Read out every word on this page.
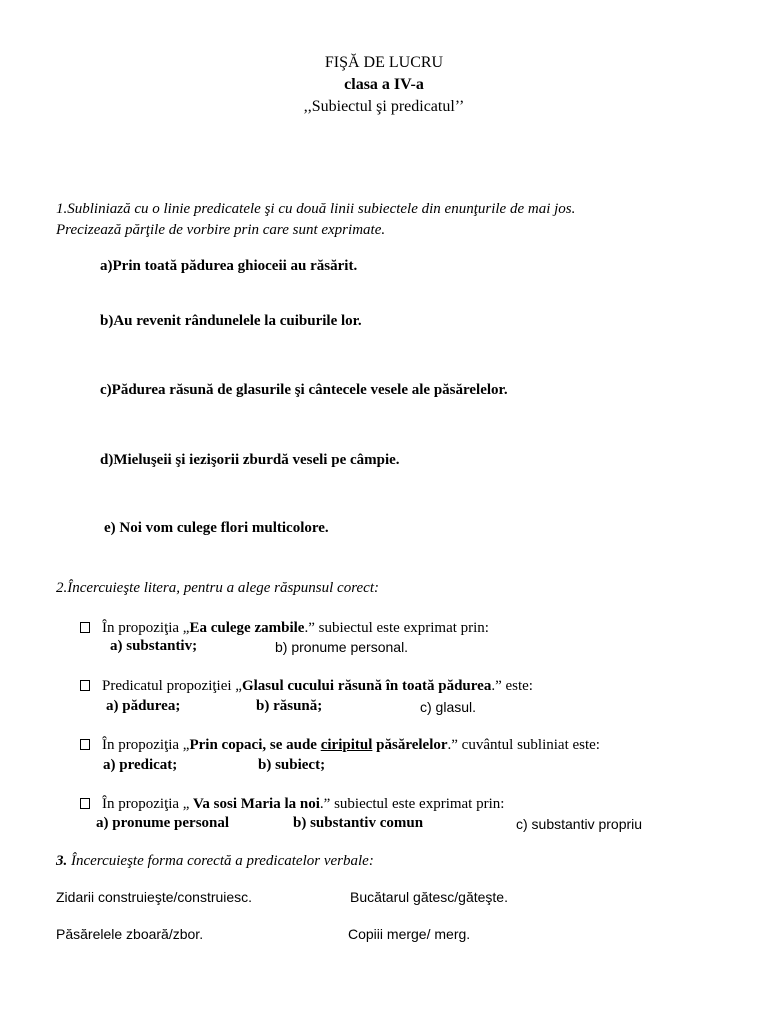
FIŞĂ DE LUCRU
clasa a IV-a
,,Subiectul şi predicatul’’
1.Subliniază cu o linie predicatele şi cu două linii subiectele din enunţurile de mai jos.
Precizează părţile de vorbire prin care sunt exprimate.
a)Prin toată pădurea ghioceii au răsărit.
b)Au revenit rândunelele la cuiburile lor.
c)Pădurea răsună de glasurile şi cântecele vesele ale păsărelelor.
d)Mieluşeii şi iezişorii zburdă veseli pe câmpie.
e) Noi vom culege flori multicolore.
2.Încercuieşte litera, pentru a alege răspunsul corect:
În propoziţia „Ea culege zambile.” subiectul este exprimat prin:
a) substantiv;	b) pronume personal.
Predicatul propoziţiei „Glasul cucului răsună în toată pădurea.” este:
a) pădurea;	b) răsună;	c) glasul.
În propoziţia „Prin copaci, se aude ciripitul păsărelelor.” cuvântul subliniat este:
a) predicat;	b) subiect;
În propoziţia „ Va sosi Maria la noi.” subiectul este exprimat prin:
a) pronume personal	b) substantiv comun	c) substantiv propriu
3. Încercuieşte forma corectă a predicatelor verbale:
Zidarii construieşte/construiesc.	Bucătarul gătesc/găteşte.
Păsărelele zboară/zbor.	Copiii merge/ merg.
